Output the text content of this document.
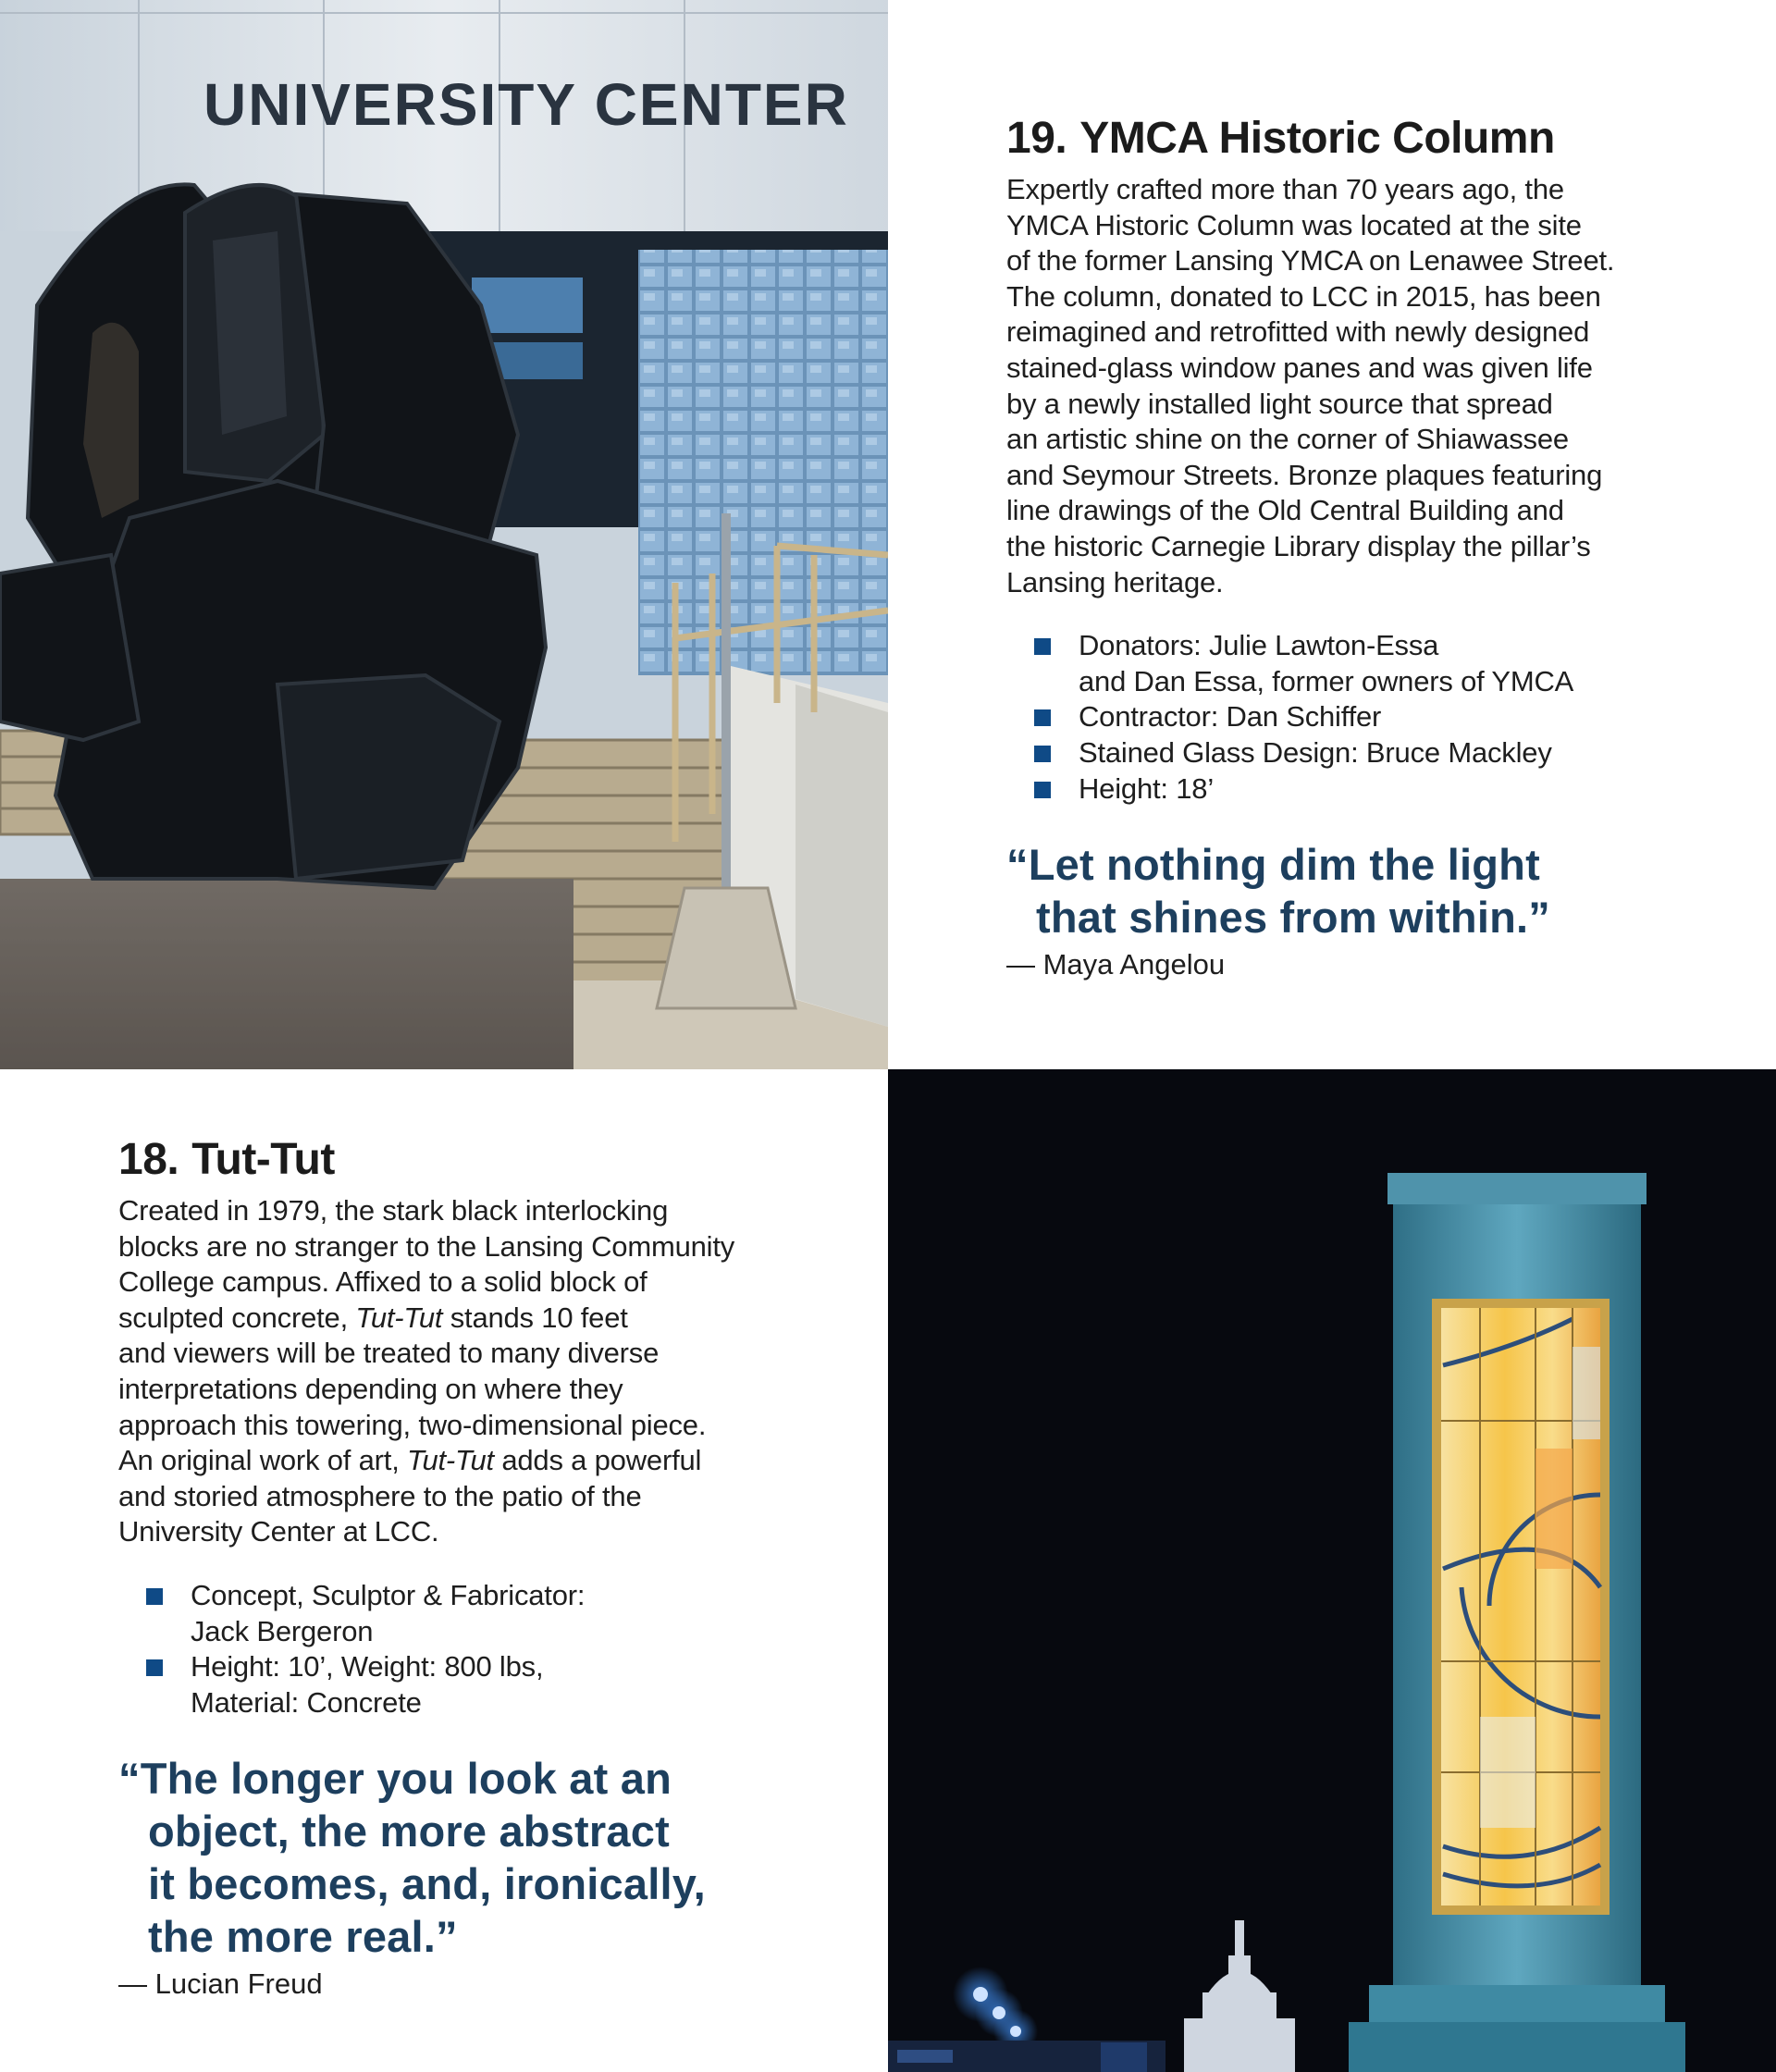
UNIVERSITY CENTER
19. YMCA Historic Column

Expertly crafted more than 70 years ago, the
YMCA Historic Column was located at the site
of the former Lansing YMCA on Lenawee Street.
The column, donated to LCC in 2015, has been
reimagined and retrofitted with newly designed
stained-glass window panes and was given life
by a newly installed light source that spread
an artistic shine on the corner of Shiawassee
and Seymour Streets. Bronze plaques featuring
line drawings of the Old Central Building and
the historic Carnegie Library display the pillar’s
Lansing heritage.

Donators: Julie Lawton-Essa
and Dan Essa, former owners of YMCA
Contractor: Dan Schiffer
Stained Glass Design: Bruce Mackley
Height: 18’

“Let nothing dim the light
that shines from within.”

— Maya Angelou
18. Tut-Tut

Created in 1979, the stark black interlocking
blocks are no stranger to the Lansing Community
College campus. Affixed to a solid block of
sculpted concrete, Tut-Tut stands 10 feet
and viewers will be treated to many diverse
interpretations depending on where they
approach this towering, two-dimensional piece.
An original work of art, Tut-Tut adds a powerful
and storied atmosphere to the patio of the
University Center at LCC.

Concept, Sculptor & Fabricator:
Jack Bergeron
Height: 10’, Weight: 800 lbs,
Material: Concrete

“The longer you look at an
object, the more abstract
it becomes, and, ironically,
the more real.”

— Lucian Freud
